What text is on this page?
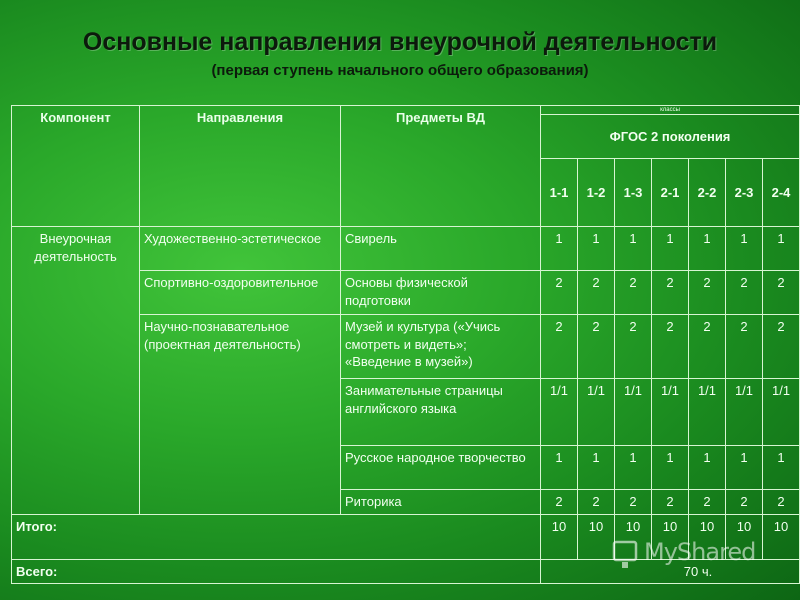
Основные направления внеурочной деятельности
(первая ступень начального общего образования)
Компонент	Направления	Предметы ВД	классы						
			ФГОС 2 поколения						
			1-1	1-2	1-3	2-1	2-2	2-3	2-4
Внеурочная деятельность	Художественно-эстетическое	Свирель	1	1	1	1	1	1	1
	Спортивно-оздоровительное	Основы физической подготовки	2	2	2	2	2	2	2
	Научно-познавательное (проектная деятельность)	Музей и культура («Учись смотреть и видеть»; «Введение в музей»)	2	2	2	2	2	2	2
		Занимательные страницы английского языка	1/1	1/1	1/1	1/1	1/1	1/1	1/1
		Русское народное творчество	1	1	1	1	1	1	1
		Риторика	2	2	2	2	2	2	2
Итого:			10	10	10	10	10	10	10
Всего:			70 ч.						
MyShared
